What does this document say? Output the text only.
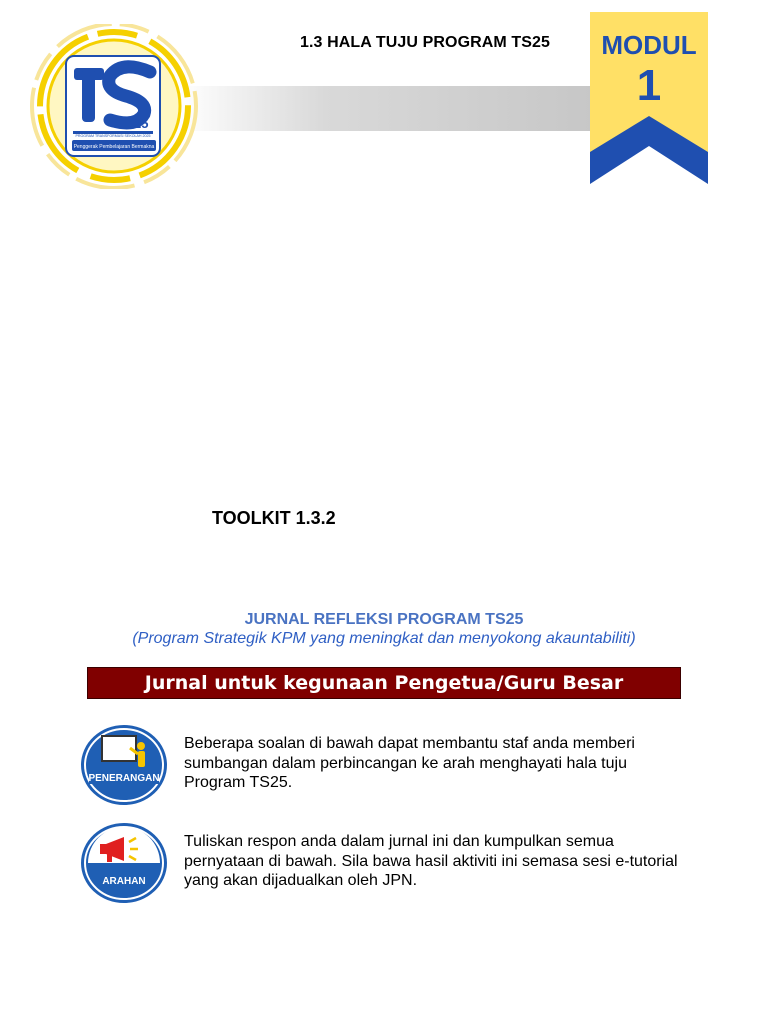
1.3 HALA TUJU PROGRAM TS25
25
PROGRAM TRANSFORMASI SEKOLAH 2025
Penggerak Pembelajaran Bermakna
MODUL
1
TOOLKIT 1.3.2
JURNAL REFLEKSI PROGRAM TS25
(Program Strategik KPM yang meningkat dan menyokong akauntabiliti)
Jurnal untuk kegunaan Pengetua/Guru Besar
PENERANGAN
Beberapa soalan di bawah dapat membantu staf anda memberi sumbangan dalam perbincangan ke arah menghayati hala tuju Program TS25.
ARAHAN
Tuliskan respon anda dalam jurnal ini dan kumpulkan semua pernyataan di bawah. Sila bawa hasil aktiviti ini semasa sesi e-tutorial yang akan dijadualkan oleh JPN.
